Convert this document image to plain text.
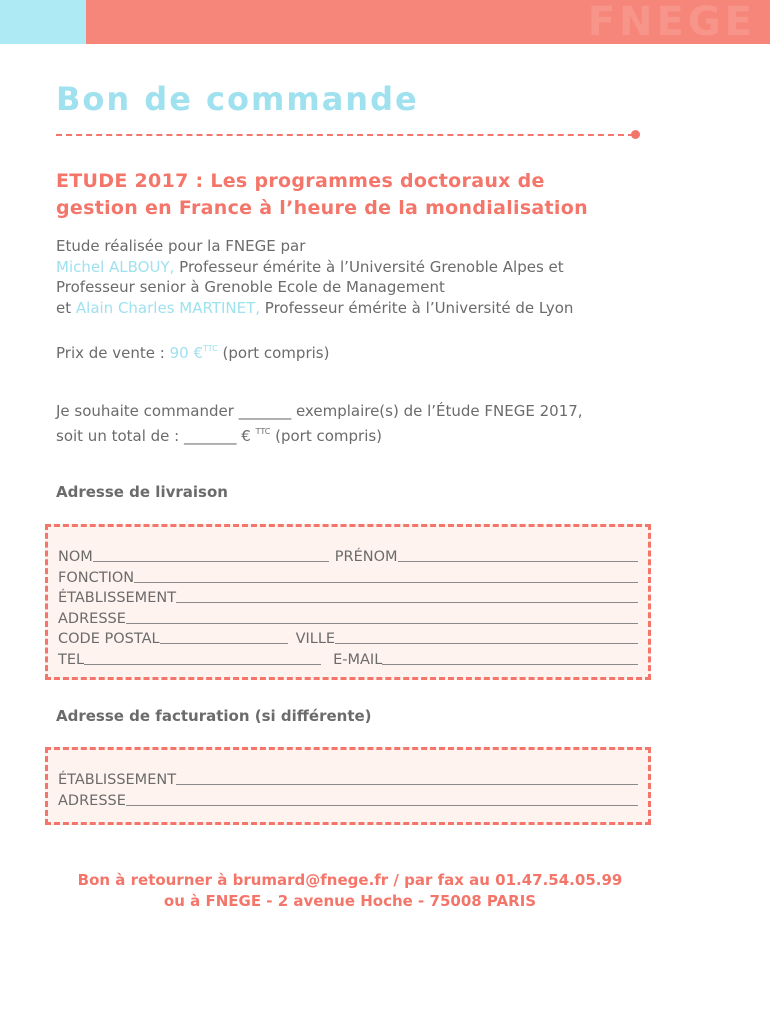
FNEGE
Bon de commande
ETUDE 2017 : Les programmes doctoraux de
gestion en France à l’heure de la mondialisation
Etude réalisée pour la FNEGE par
Michel ALBOUY, Professeur émérite à l’Université Grenoble Alpes et
Professeur senior à Grenoble Ecole de Management
et Alain Charles MARTINET, Professeur émérite à l’Université de Lyon
Prix de vente : 90 €$^{TTC}$ (port compris)
Je souhaite commander _______ exemplaire(s) de l’Étude FNEGE 2017,
soit un total de : _______ € $^{TTC}$ (port compris)
Adresse de livraison
NOM	PRÉNOM
FONCTION
ÉTABLISSEMENT
ADRESSE
CODE POSTAL	VILLE
TEL	E-MAIL
Adresse de facturation (si différente)
ÉTABLISSEMENT
ADRESSE
Bon à retourner à brumard@fnege.fr / par fax au 01.47.54.05.99
ou à FNEGE - 2 avenue Hoche - 75008 PARIS
